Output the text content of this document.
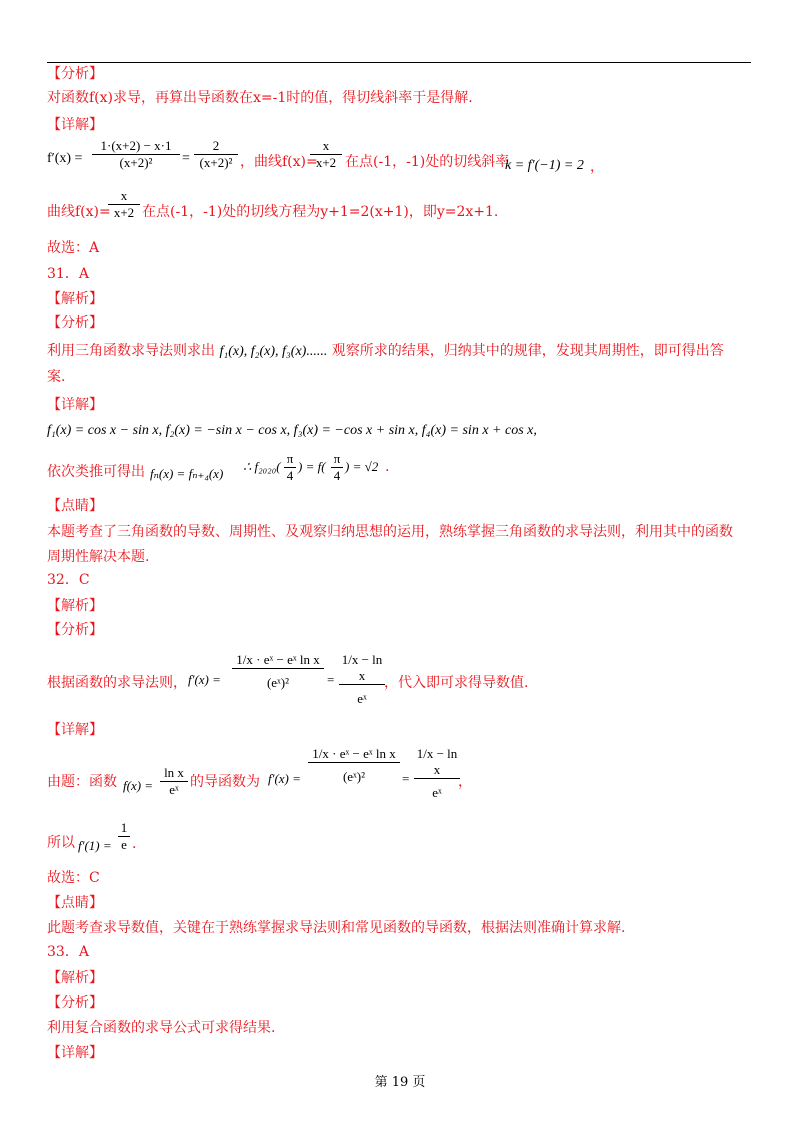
【分析】
对函数f(x)求导，再算出导函数在x=-1时的值，得切线斜率于是得解.
【详解】
$f'(x) = \frac{1\cdot(x+2) - x\cdot 1}{\text{(x+2)²}} = \frac{2}{\text{(x+2)²}}$ ，曲线f(x)=
$\frac{x}{x+2}$ 在点(-1，-1)处的切线斜率
k = f′(−1) = 2 ，
曲线f(x)=
$\frac{x}{x+2}$ 在点(-1，-1)处的切线方程为y+1=2(x+1)，即y=2x+1.
故选：A
31．A
【解析】
【分析】
利用三角函数求导法则求出 f₁(x), f₂(x), f₃(x)...... 观察所求的结果，归纳其中的规律，发现其周期性，即可得出答
案.
【详解】
f₁(x) = cos x − sin x, f₂(x) = −sin x − cos x, f₃(x) = −cos x + sin x, f₄(x) = sin x + cos x,
依次类推可得出 fₙ(x) = fₙ₊₄(x) ∴ $f_{2020}( \frac{\pi}{4}$ ) = $f( \frac{\pi}{4}$ ) = √2 .
【点睛】
本题考查了三角函数的导数、周期性、及观察归纳思想的运用，熟练掌握三角函数的求导法则，利用其中的函数
周期性解决本题.
32．C
【解析】
【分析】
根据函数的求导法则， $f'(x) = \frac{\text{1/x · eˣ − eˣ ln x}}{\text{(eˣ)²}} = \frac{\text{1/x − ln x}}{\text{eˣ}}$ ，代入即可求得导数值.
【详解】
由题：函数 $f(x) = \frac{\text{ln x}}{\text{eˣ}}$ 的导函数为 $f'(x) = \frac{\text{1/x · eˣ − eˣ ln x}}{\text{(eˣ)²}} = \frac{\text{1/x − ln x}}{\text{eˣ}}$
，
所以 $f'(1) = \frac{1}{e}$ .
故选：C
【点睛】
此题考查求导数值，关键在于熟练掌握求导法则和常见函数的导函数，根据法则准确计算求解.
33．A
【解析】
【分析】
利用复合函数的求导公式可求得结果.
【详解】
第 19 页
